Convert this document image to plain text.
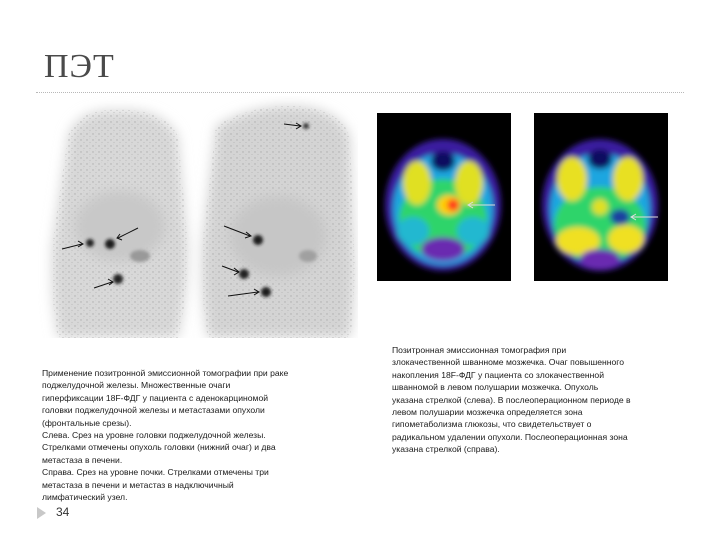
ПЭТ
Применение позитронной эмиссионной томографии при раке
поджелудочной железы. Множественные очаги
гиперфиксации 18F-ФДГ у пациента с аденокарциномой
головки поджелудочной железы и метастазами опухоли
(фронтальные срезы).
Слева. Срез на уровне головки поджелудочной железы.
Стрелками отмечены опухоль головки (нижний очаг) и два
метастаза в печени.
Справа. Срез на уровне почки. Стрелками отмечены три
метастаза в печени и метастаз в надключичный
лимфатический узел.
Позитронная эмиссионная томография при
злокачественной шванноме мозжечка. Очаг повышенного
накопления 18F-ФДГ у пациента со злокачественной
шванномой в левом полушарии мозжечка. Опухоль
указана стрелкой (слева). В послеоперационном периоде в
левом полушарии мозжечка определяется зона
гипометаболизма глюкозы, что свидетельствует о
радикальном удалении опухоли. Послеоперационная зона
указана стрелкой (справа).
34
